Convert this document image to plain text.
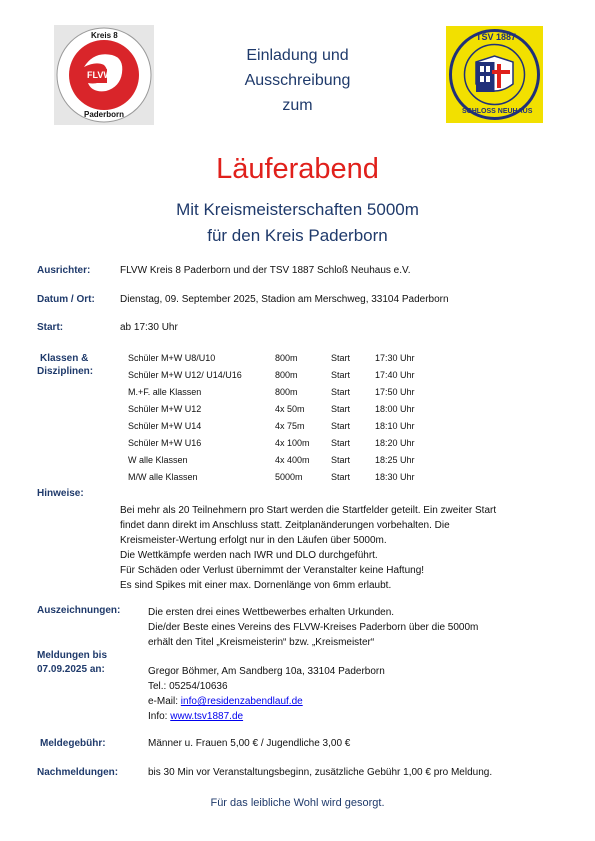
Kreis 8
FLVW
Paderborn
TSV 1887
SCHLOSS NEUHAUS
Einladung und
Ausschreibung
zum
Läuferabend
Mit Kreismeisterschaften 5000m
für den Kreis Paderborn
Ausrichter:	FLVW Kreis 8 Paderborn und der TSV 1887 Schloß Neuhaus e.V.
Datum / Ort:	Dienstag, 09. September 2025, Stadion am Merschweg, 33104 Paderborn
Start:	ab 17:30 Uhr
Klassen &
Disziplinen:
Schüler M+W U8/U10	800m	Start	17:30 Uhr
Schüler M+W U12/ U14/U16	800m	Start	17:40 Uhr
M.+F. alle Klassen	800m	Start	17:50 Uhr
Schüler M+W U12	4x 50m	Start	18:00 Uhr
Schüler M+W U14	4x 75m	Start	18:10 Uhr
Schüler M+W U16	4x 100m Start	18:20 Uhr
W alle Klassen	4x 400m Start	18:25 Uhr
M/W alle Klassen	5000m	Start	18:30 Uhr
Hinweise:
Bei mehr als 20 Teilnehmern pro Start werden die Startfelder geteilt. Ein zweiter Start
findet dann direkt im Anschluss statt. Zeitplanänderungen vorbehalten. Die
Kreismeister-Wertung erfolgt nur in den Läufen über 5000m.
Die Wettkämpfe werden nach IWR und DLO durchgeführt.
Für Schäden oder Verlust übernimmt der Veranstalter keine Haftung!
Es sind Spikes mit einer max. Dornenlänge von 6mm erlaubt.
Auszeichnungen:	Die ersten drei eines Wettbewerbes erhalten Urkunden.
Die/der Beste eines Vereins des FLVW-Kreises Paderborn über die 5000m
erhält den Titel „Kreismeisterin“ bzw. „Kreismeister“
Meldungen bis
07.09.2025 an:	Gregor Böhmer, Am Sandberg 10a, 33104 Paderborn
Tel.: 05254/10636
e-Mail: info@residenzabendlauf.de
Info: www.tsv1887.de
Meldegebühr:	Männer u. Frauen 5,00 € / Jugendliche 3,00 €
Nachmeldungen:	bis 30 Min vor Veranstaltungsbeginn, zusätzliche Gebühr 1,00 € pro Meldung.
Für das leibliche Wohl wird gesorgt.
